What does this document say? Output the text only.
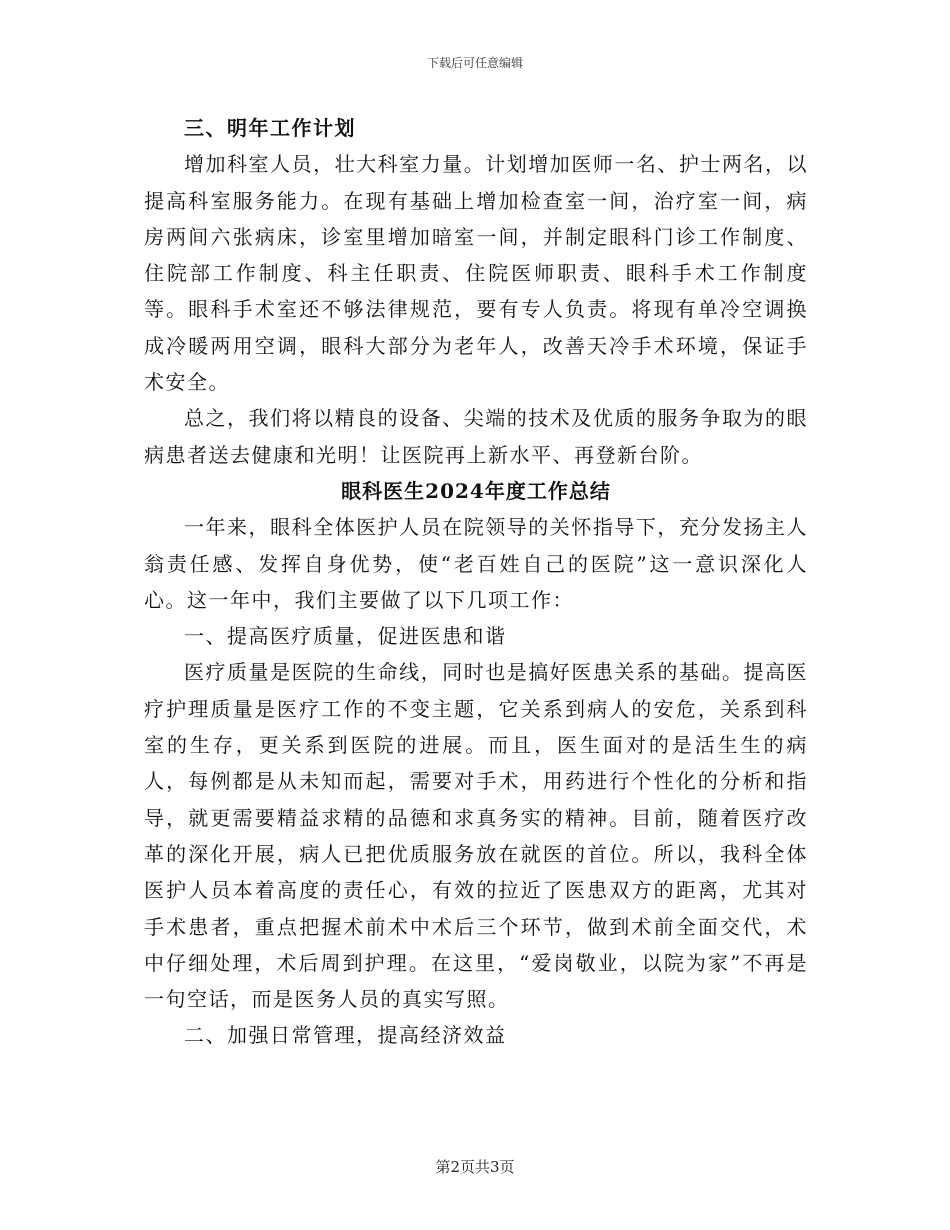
下载后可任意编辑

三、明年工作计划

增加科室人员，壮大科室力量。计划增加医师一名、护士两名，以提高科室服务能力。在现有基础上增加检查室一间，治疗室一间，病房两间六张病床，诊室里增加暗室一间，并制定眼科门诊工作制度、住院部工作制度、科主任职责、住院医师职责、眼科手术工作制度等。眼科手术室还不够法律规范，要有专人负责。将现有单冷空调换成冷暖两用空调，眼科大部分为老年人，改善天冷手术环境，保证手术安全。

总之，我们将以精良的设备、尖端的技术及优质的服务争取为的眼病患者送去健康和光明！让医院再上新水平、再登新台阶。

眼科医生2024年度工作总结

一年来，眼科全体医护人员在院领导的关怀指导下，充分发扬主人翁责任感、发挥自身优势，使“老百姓自己的医院”这一意识深化人心。这一年中，我们主要做了以下几项工作：

一、提高医疗质量，促进医患和谐

医疗质量是医院的生命线，同时也是搞好医患关系的基础。提高医疗护理质量是医疗工作的不变主题，它关系到病人的安危，关系到科室的生存，更关系到医院的进展。而且，医生面对的是活生生的病人，每例都是从未知而起，需要对手术，用药进行个性化的分析和指导，就更需要精益求精的品德和求真务实的精神。目前，随着医疗改革的深化开展，病人已把优质服务放在就医的首位。所以，我科全体医护人员本着高度的责任心，有效的拉近了医患双方的距离，尤其对手术患者，重点把握术前术中术后三个环节，做到术前全面交代，术中仔细处理，术后周到护理。在这里，“爱岗敬业，以院为家”不再是一句空话，而是医务人员的真实写照。

二、加强日常管理，提高经济效益

第2页共3页
